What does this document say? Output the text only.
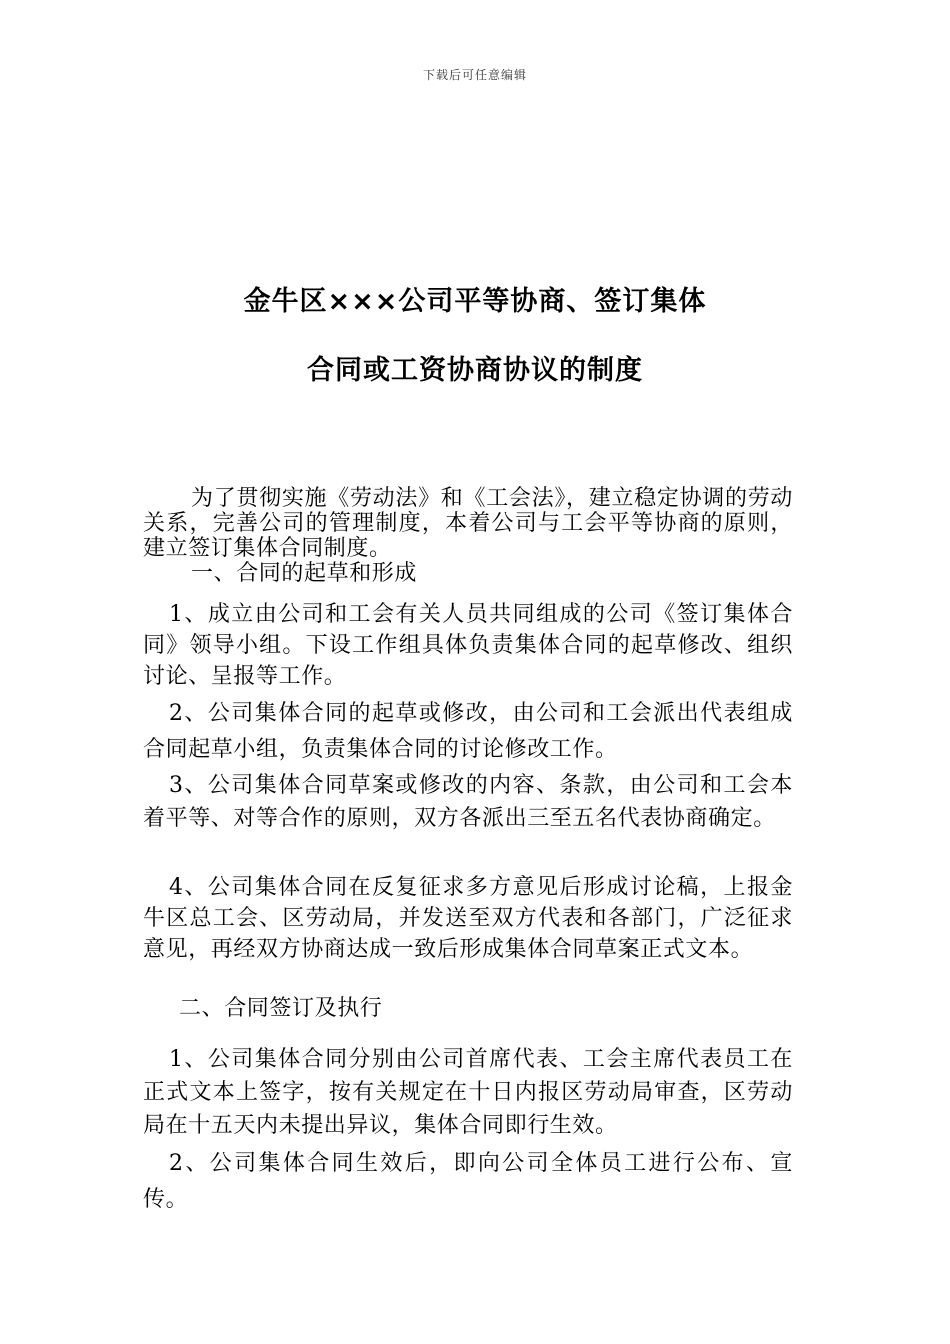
下载后可任意编辑
金牛区×××公司平等协商、签订集体
合同或工资协商协议的制度
为了贯彻实施《劳动法》和《工会法》，建立稳定协调的劳动关系，完善公司的管理制度，本着公司与工会平等协商的原则，建立签订集体合同制度。
一、合同的起草和形成
1、成立由公司和工会有关人员共同组成的公司《签订集体合同》领导小组。下设工作组具体负责集体合同的起草修改、组织讨论、呈报等工作。
2、公司集体合同的起草或修改，由公司和工会派出代表组成合同起草小组，负责集体合同的讨论修改工作。
3、公司集体合同草案或修改的内容、条款，由公司和工会本着平等、对等合作的原则，双方各派出三至五名代表协商确定。
4、公司集体合同在反复征求多方意见后形成讨论稿，上报金牛区总工会、区劳动局，并发送至双方代表和各部门，广泛征求意见，再经双方协商达成一致后形成集体合同草案正式文本。
二、合同签订及执行
1、公司集体合同分别由公司首席代表、工会主席代表员工在正式文本上签字，按有关规定在十日内报区劳动局审查，区劳动局在十五天内未提出异议，集体合同即行生效。
2、公司集体合同生效后，即向公司全体员工进行公布、宣传。
